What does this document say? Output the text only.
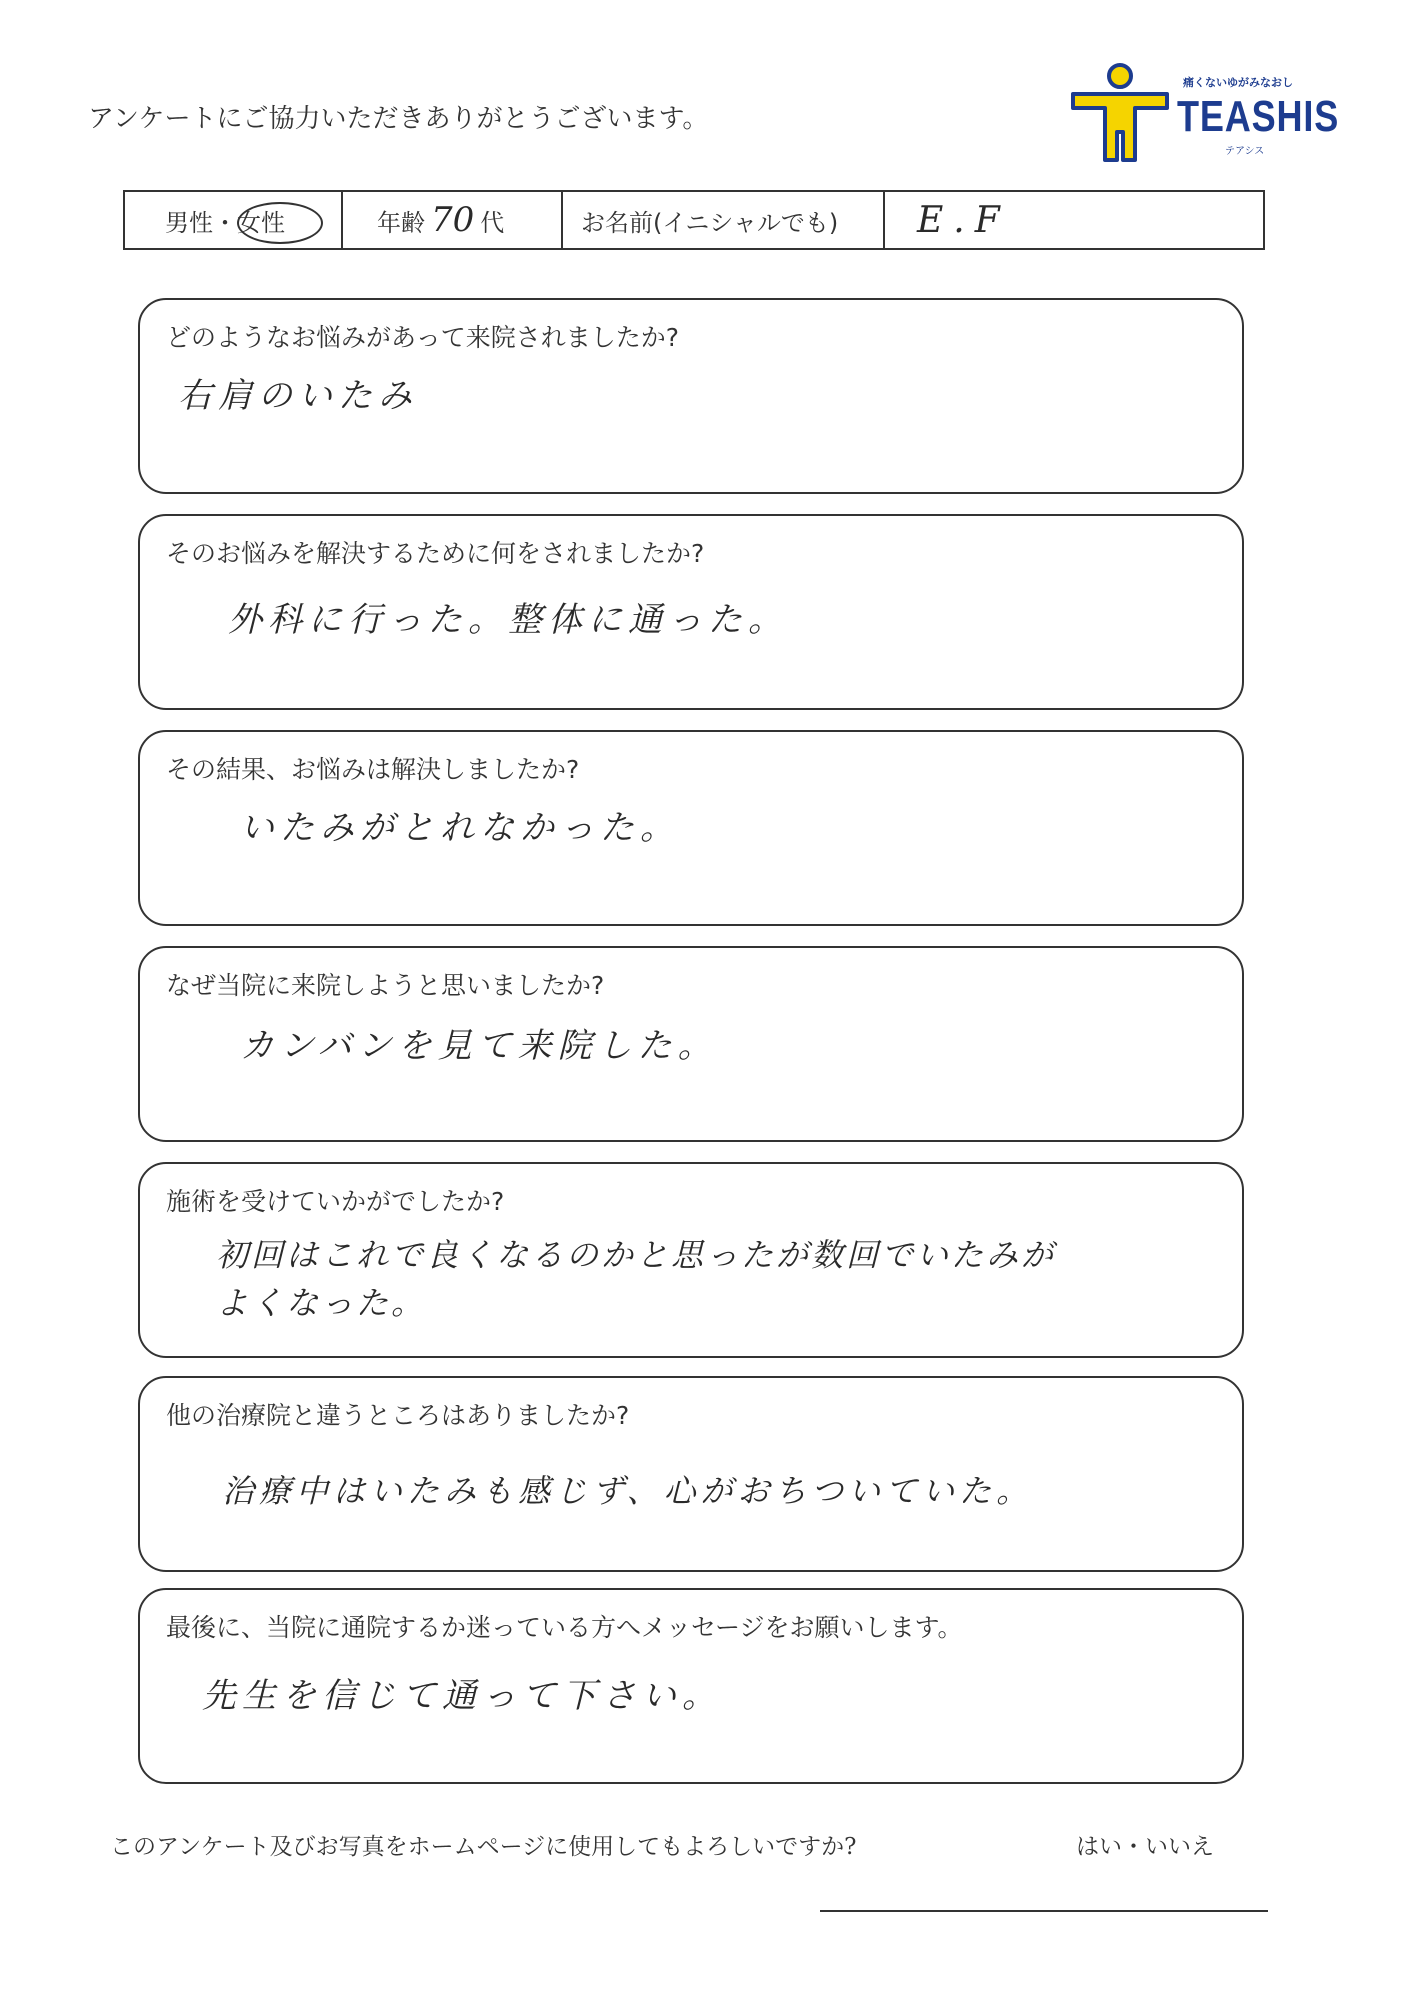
アンケートにご協力いただきありがとうございます。
痛くないゆがみなおし
TEASHIS
テアシス
男性・女性	年齢 70 代	お名前(イニシャルでも) E.F
どのようなお悩みがあって来院されましたか?
右肩のいたみ
そのお悩みを解決するために何をされましたか?
外科に行った。整体に通った。
その結果、お悩みは解決しましたか?
いたみがとれなかった。
なぜ当院に来院しようと思いましたか?
カンバンを見て来院した。
施術を受けていかがでしたか?
初回はこれで良くなるのかと思ったが数回でいたみが
よくなった。
他の治療院と違うところはありましたか?
治療中はいたみも感じず、心がおちついていた。
最後に、当院に通院するか迷っている方へメッセージをお願いします。
先生を信じて通って下さい。
このアンケート及びお写真をホームページに使用してもよろしいですか?	はい・いいえ
